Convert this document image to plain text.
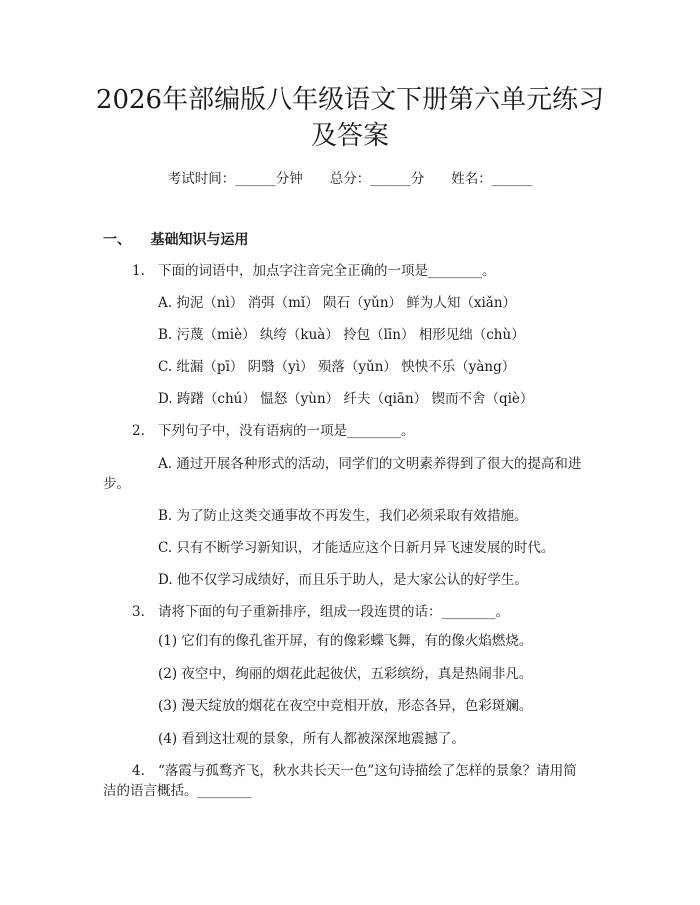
2026年部编版八年级语文下册第六单元练习
及答案
考试时间：______分钟　　 总分：______分　　 姓名：______
一、 基础知识与运用
1. 下面的词语中，加点字注音完全正确的一项是________。
A. 拘泥（nì） 消弭（mǐ） 陨石（yǔn） 鲜为人知（xiǎn）
B. 污蔑（miè） 纨绔（kuà） 拎包（līn） 相形见绌（chù）
C. 纰漏（pī） 阴翳（yì） 殒落（yǔn） 怏怏不乐（yàng）
D. 踌躇（chú） 愠怒（yùn） 纤夫（qiān） 锲而不舍（qiè）
2. 下列句子中，没有语病的一项是________。
A. 通过开展各种形式的活动，同学们的文明素养得到了很大的提高和进
步。
B. 为了防止这类交通事故不再发生，我们必须采取有效措施。
C. 只有不断学习新知识，才能适应这个日新月异飞速发展的时代。
D. 他不仅学习成绩好，而且乐于助人，是大家公认的好学生。
3. 请将下面的句子重新排序，组成一段连贯的话：________。
(1) 它们有的像孔雀开屏，有的像彩蝶飞舞，有的像火焰燃烧。
(2) 夜空中，绚丽的烟花此起彼伏，五彩缤纷，真是热闹非凡。
(3) 漫天绽放的烟花在夜空中竞相开放，形态各异，色彩斑斓。
(4) 看到这壮观的景象，所有人都被深深地震撼了。
4. “落霞与孤鹜齐飞，秋水共长天一色”这句诗描绘了怎样的景象？请用简
洁的语言概括。________
